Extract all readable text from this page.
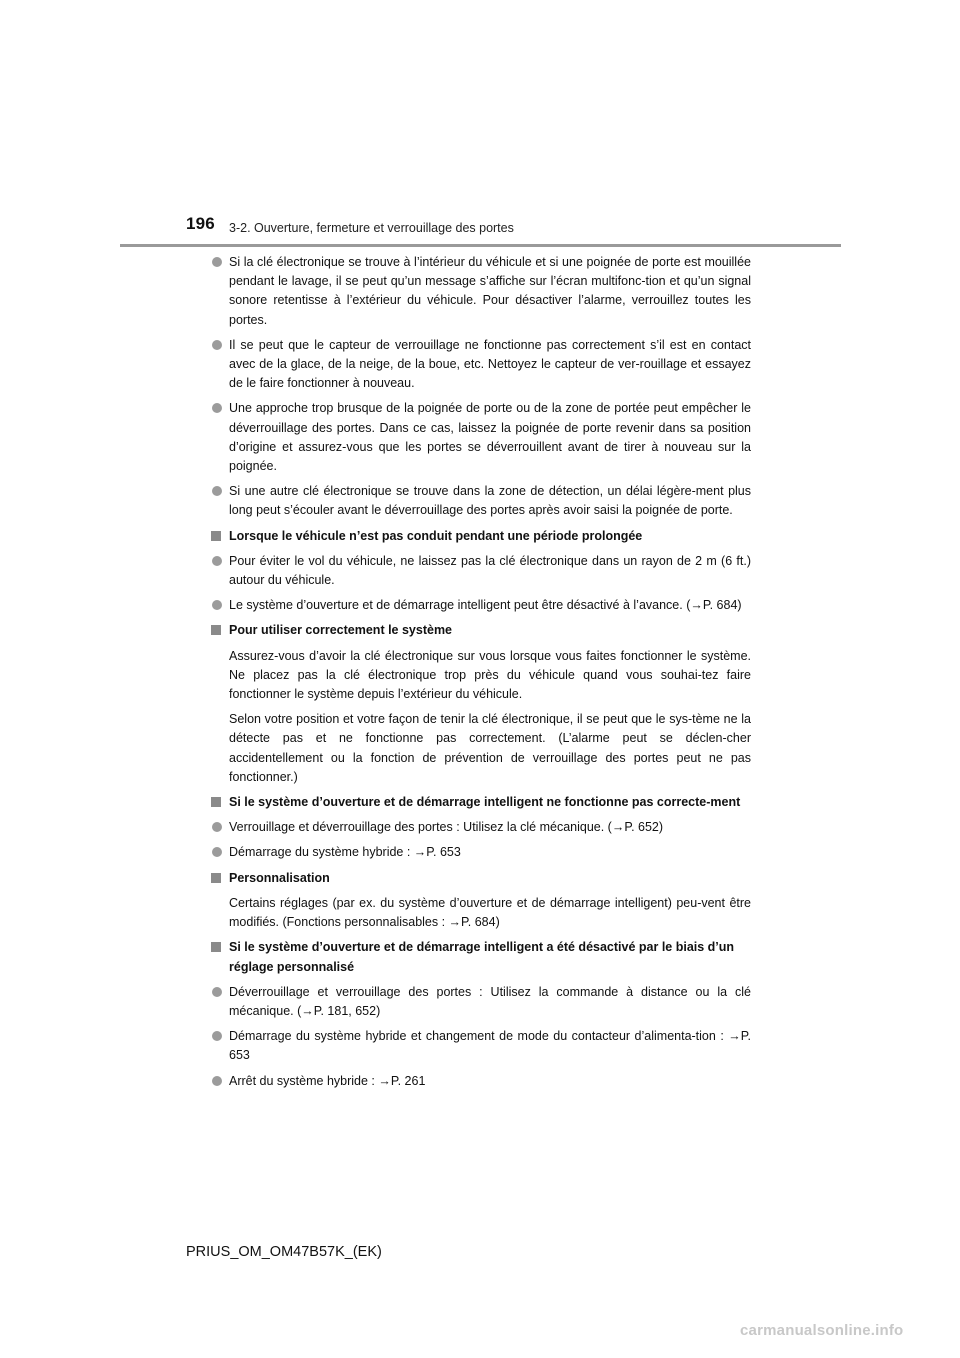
196 3-2. Ouverture, fermeture et verrouillage des portes
Si la clé électronique se trouve à l’intérieur du véhicule et si une poignée de porte est mouillée pendant le lavage, il se peut qu’un message s’affiche sur l’écran multifonc-tion et qu’un signal sonore retentisse à l’extérieur du véhicule. Pour désactiver l’alarme, verrouillez toutes les portes.
Il se peut que le capteur de verrouillage ne fonctionne pas correctement s’il est en contact avec de la glace, de la neige, de la boue, etc. Nettoyez le capteur de ver-rouillage et essayez de le faire fonctionner à nouveau.
Une approche trop brusque de la poignée de porte ou de la zone de portée peut empêcher le déverrouillage des portes. Dans ce cas, laissez la poignée de porte revenir dans sa position d’origine et assurez-vous que les portes se déverrouillent avant de tirer à nouveau sur la poignée.
Si une autre clé électronique se trouve dans la zone de détection, un délai légère-ment plus long peut s’écouler avant le déverrouillage des portes après avoir saisi la poignée de porte.
Lorsque le véhicule n’est pas conduit pendant une période prolongée
Pour éviter le vol du véhicule, ne laissez pas la clé électronique dans un rayon de 2 m (6 ft.) autour du véhicule.
Le système d’ouverture et de démarrage intelligent peut être désactivé à l’avance. (→P. 684)
Pour utiliser correctement le système
Assurez-vous d’avoir la clé électronique sur vous lorsque vous faites fonctionner le système. Ne placez pas la clé électronique trop près du véhicule quand vous souhai-tez faire fonctionner le système depuis l’extérieur du véhicule.
Selon votre position et votre façon de tenir la clé électronique, il se peut que le sys-tème ne la détecte pas et ne fonctionne pas correctement. (L’alarme peut se déclen-cher accidentellement ou la fonction de prévention de verrouillage des portes peut ne pas fonctionner.)
Si le système d’ouverture et de démarrage intelligent ne fonctionne pas correcte-ment
Verrouillage et déverrouillage des portes : Utilisez la clé mécanique. (→P. 652)
Démarrage du système hybride : →P. 653
Personnalisation
Certains réglages (par ex. du système d’ouverture et de démarrage intelligent) peu-vent être modifiés. (Fonctions personnalisables : →P. 684)
Si le système d’ouverture et de démarrage intelligent a été désactivé par le biais d’un réglage personnalisé
Déverrouillage et verrouillage des portes : Utilisez la commande à distance ou la clé mécanique. (→P. 181, 652)
Démarrage du système hybride et changement de mode du contacteur d’alimenta-tion : →P. 653
Arrêt du système hybride : →P. 261
PRIUS_OM_OM47B57K_(EK)
carmanualsonline.info
